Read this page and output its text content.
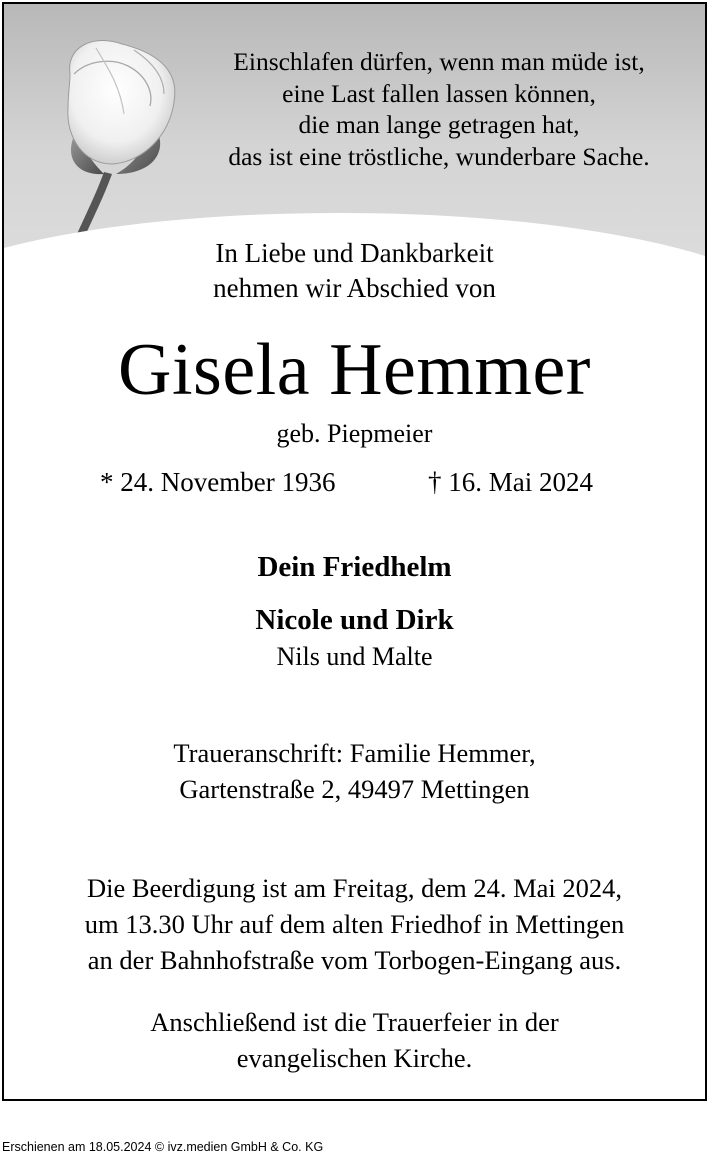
Einschlafen dürfen, wenn man müde ist,
eine Last fallen lassen können,
die man lange getragen hat,
das ist eine tröstliche, wunderbare Sache.
In Liebe und Dankbarkeit
nehmen wir Abschied von
Gisela Hemmer
geb. Piepmeier
* 24. November 1936	† 16. Mai 2024
Dein Friedhelm
Nicole und Dirk
Nils und Malte
Traueranschrift: Familie Hemmer,
Gartenstraße 2, 49497 Mettingen
Die Beerdigung ist am Freitag, dem 24. Mai 2024,
um 13.30 Uhr auf dem alten Friedhof in Mettingen
an der Bahnhofstraße vom Torbogen-Eingang aus.
Anschließend ist die Trauerfeier in der
evangelischen Kirche.
Erschienen am 18.05.2024 © ivz.medien GmbH & Co. KG
